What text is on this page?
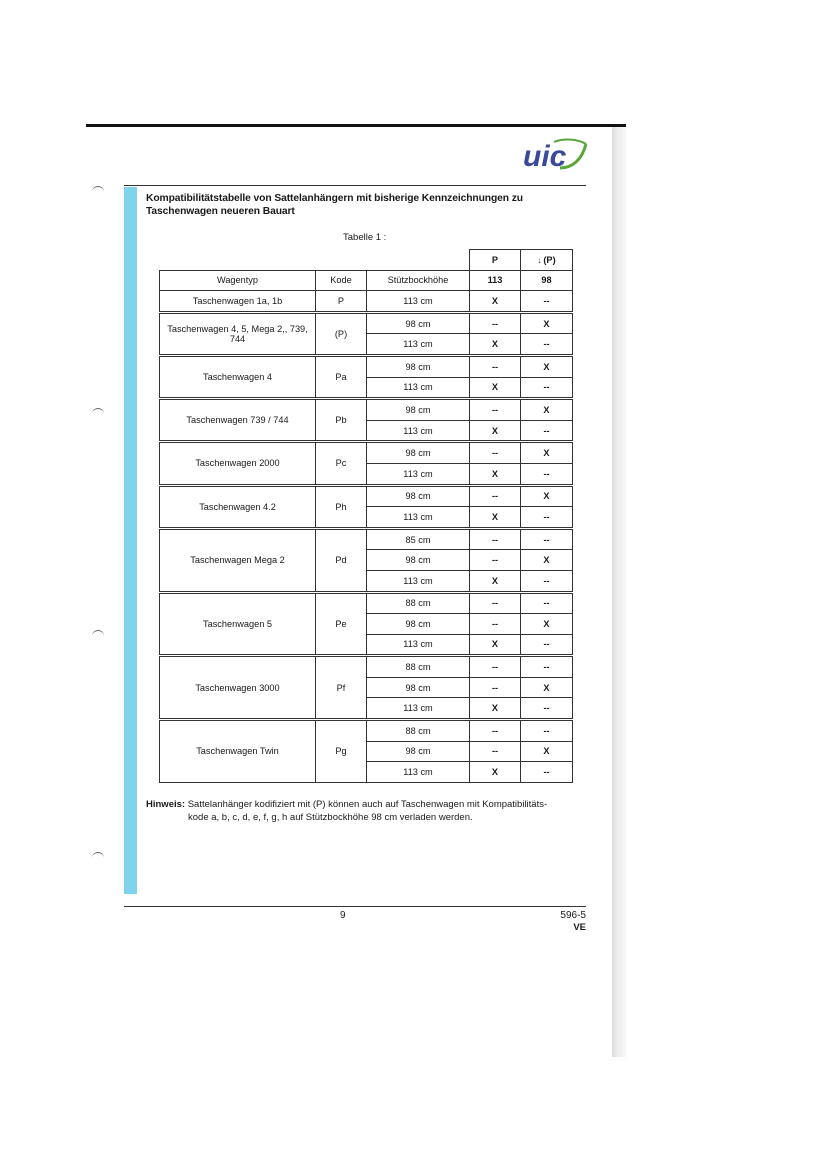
uic
Kompatibilitätstabelle von Sattelanhängern mit bisherige Kennzeichnungen zu Taschenwagen neueren Bauart
Tabelle 1 :
			P	↓ (P)
Wagentyp	Kode	Stützbockhöhe	113	98
Taschenwagen 1a, 1b	P	113 cm	X	--
Taschenwagen 4, 5, Mega 2,, 739, 744	(P)	98 cm	--	X
		113 cm	X	--
Taschenwagen 4	Pa	98 cm	--	X
		113 cm	X	--
Taschenwagen 739 / 744	Pb	98 cm	--	X
		113 cm	X	--
Taschenwagen 2000	Pc	98 cm	--	X
		113 cm	X	--
Taschenwagen 4.2	Ph	98 cm	--	X
		113 cm	X	--
Taschenwagen Mega 2	Pd	85 cm	--	--
		98 cm	--	X
		113 cm	X	--
Taschenwagen 5	Pe	88 cm	--	--
		98 cm	--	X
		113 cm	X	--
Taschenwagen 3000	Pf	88 cm	--	--
		98 cm	--	X
		113 cm	X	--
Taschenwagen Twin	Pg	88 cm	--	--
		98 cm	--	X
		113 cm	X	--
Hinweis: Sattelanhänger kodifiziert mit (P) können auch auf Taschenwagen mit Kompatibilitäts-
kode a, b, c, d, e, f, g, h auf Stützbockhöhe 98 cm verladen werden.
9	596-5
VE
